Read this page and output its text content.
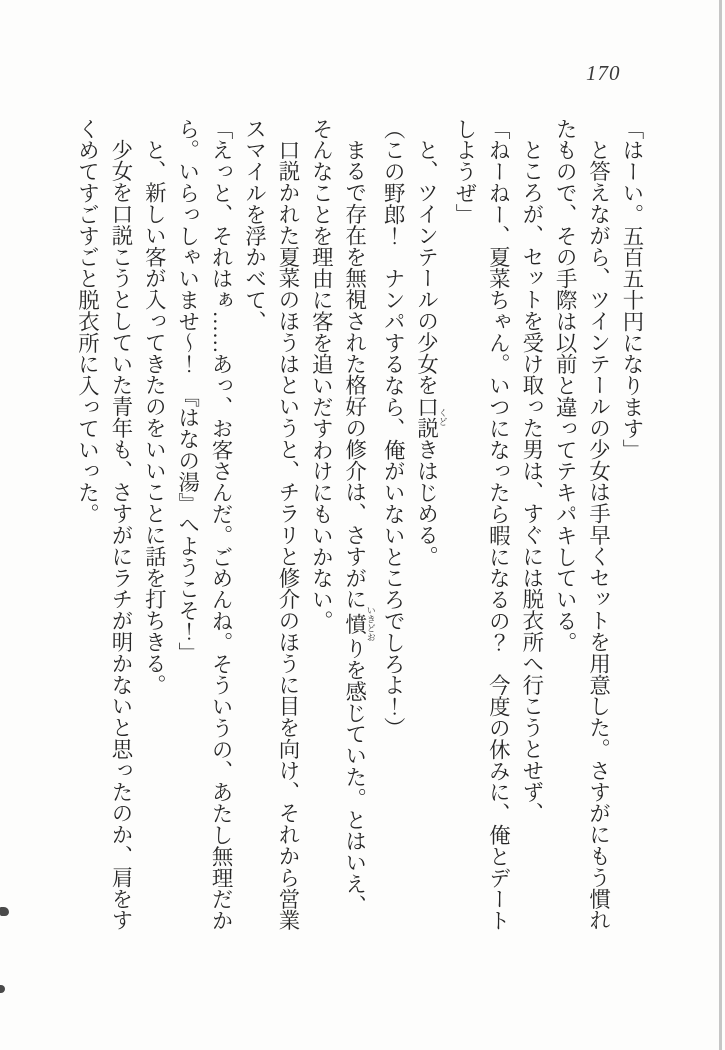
170

「はーい。五百五十円になります」

と答えながら、ツインテールの少女は手早くセットを用意した。さすがにもう慣れたもので、その手際は以前と違ってテキパキしている。

ところが、セットを受け取った男は、すぐには脱衣所へ行こうとせず、

「ねーねー、夏菜ちゃん。いつになったら暇になるの？　今度の休みに、俺とデートしようぜ」

と、ツインテールの少女を口説 くどきはじめる。

（この野郎！　ナンパするなら、俺がいないところでしろよ！）

まるで存在を無視された格好の修介は、さすがに憤 いきどおりを感じていた。とはいえ、そんなことを理由に客を追いだすわけにもいかない。

口説かれた夏菜のほうはというと、チラリと修介のほうに目を向け、それから営業スマイルを浮かべて、

「えっと、それはぁ……あっ、お客さんだ。ごめんね。そういうの、あたし無理だから。いらっしゃいませ～！　『はなの湯』へようこそ！」

と、新しい客が入ってきたのをいいことに話を打ちきる。

少女を口説こうとしていた青年も、さすがにラチが明かないと思ったのか、肩をすくめてすごすごと脱衣所に入っていった。
